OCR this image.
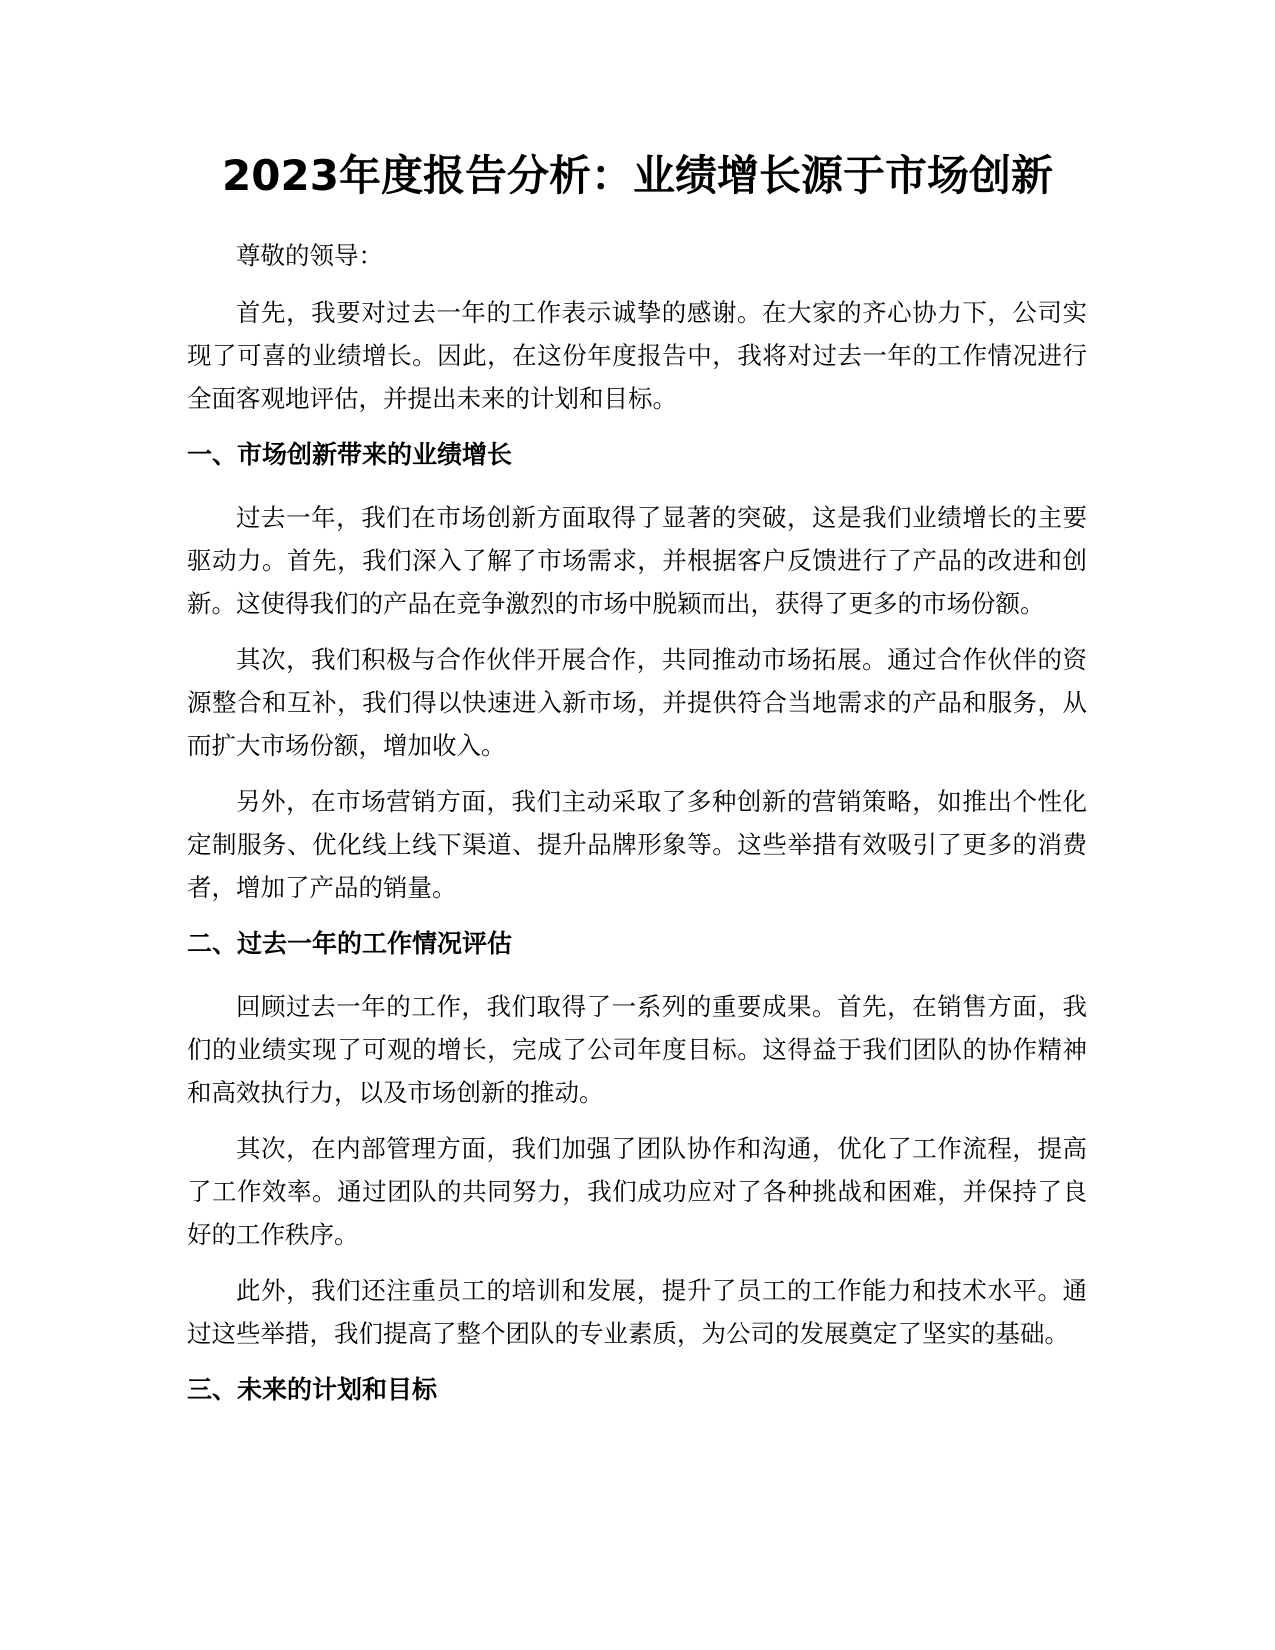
2023年度报告分析：业绩增长源于市场创新

尊敬的领导：

首先，我要对过去一年的工作表示诚挚的感谢。在大家的齐心协力下，公司实现了可喜的业绩增长。因此，在这份年度报告中，我将对过去一年的工作情况进行全面客观地评估，并提出未来的计划和目标。

一、市场创新带来的业绩增长

过去一年，我们在市场创新方面取得了显著的突破，这是我们业绩增长的主要驱动力。首先，我们深入了解了市场需求，并根据客户反馈进行了产品的改进和创新。这使得我们的产品在竞争激烈的市场中脱颖而出，获得了更多的市场份额。

其次，我们积极与合作伙伴开展合作，共同推动市场拓展。通过合作伙伴的资源整合和互补，我们得以快速进入新市场，并提供符合当地需求的产品和服务，从而扩大市场份额，增加收入。

另外，在市场营销方面，我们主动采取了多种创新的营销策略，如推出个性化定制服务、优化线上线下渠道、提升品牌形象等。这些举措有效吸引了更多的消费者，增加了产品的销量。

二、过去一年的工作情况评估

回顾过去一年的工作，我们取得了一系列的重要成果。首先，在销售方面，我们的业绩实现了可观的增长，完成了公司年度目标。这得益于我们团队的协作精神和高效执行力，以及市场创新的推动。

其次，在内部管理方面，我们加强了团队协作和沟通，优化了工作流程，提高了工作效率。通过团队的共同努力，我们成功应对了各种挑战和困难，并保持了良好的工作秩序。

此外，我们还注重员工的培训和发展，提升了员工的工作能力和技术水平。通过这些举措，我们提高了整个团队的专业素质，为公司的发展奠定了坚实的基础。

三、未来的计划和目标
